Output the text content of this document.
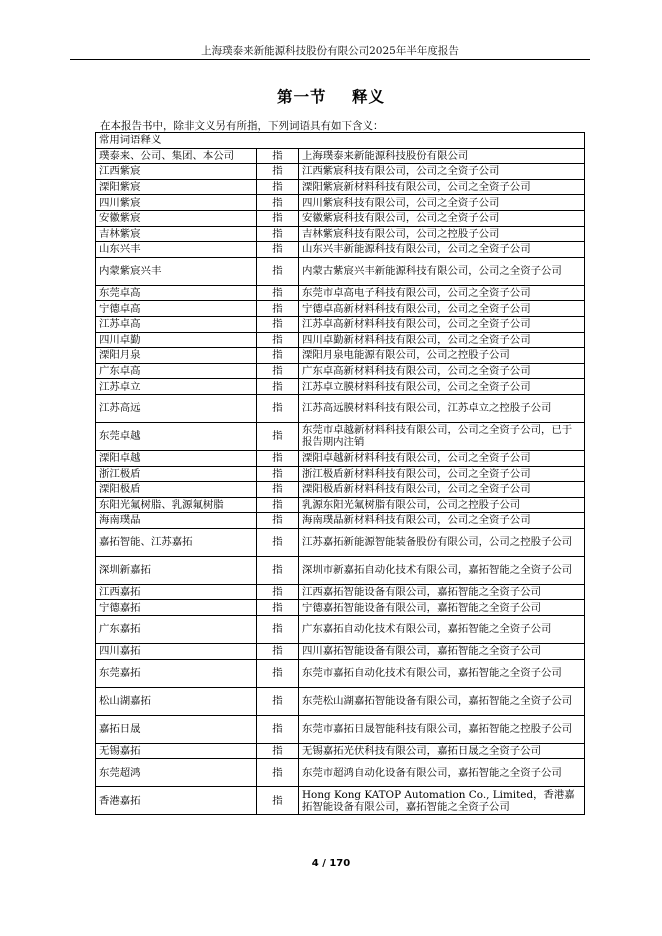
上海璞泰来新能源科技股份有限公司2025年半年度报告
第一节    释义
在本报告书中，除非文义另有所指，下列词语具有如下含义：
常用词语释义		
璞泰来、公司、集团、本公司	指	上海璞泰来新能源科技股份有限公司
江西紫宸	指	江西紫宸科技有限公司，公司之全资子公司
溧阳紫宸	指	溧阳紫宸新材料科技有限公司，公司之全资子公司
四川紫宸	指	四川紫宸科技有限公司，公司之全资子公司
安徽紫宸	指	安徽紫宸科技有限公司，公司之全资子公司
吉林紫宸	指	吉林紫宸科技有限公司，公司之控股子公司
山东兴丰	指	山东兴丰新能源科技有限公司，公司之全资子公司
内蒙紫宸兴丰	指	内蒙古紫宸兴丰新能源科技有限公司，公司之全资子公司
东莞卓高	指	东莞市卓高电子科技有限公司，公司之全资子公司
宁德卓高	指	宁德卓高新材料科技有限公司，公司之全资子公司
江苏卓高	指	江苏卓高新材料科技有限公司，公司之全资子公司
四川卓勤	指	四川卓勤新材料科技有限公司，公司之全资子公司
溧阳月泉	指	溧阳月泉电能源有限公司，公司之控股子公司
广东卓高	指	广东卓高新材料科技有限公司，公司之全资子公司
江苏卓立	指	江苏卓立膜材料科技有限公司，公司之全资子公司
江苏高远	指	江苏高远膜材料科技有限公司，江苏卓立之控股子公司
东莞卓越	指	东莞市卓越新材料科技有限公司，公司之全资子公司，已于报告期内注销
溧阳卓越	指	溧阳卓越新材料科技有限公司，公司之全资子公司
浙江极盾	指	浙江极盾新材料科技有限公司，公司之全资子公司
溧阳极盾	指	溧阳极盾新材料科技有限公司，公司之全资子公司
东阳光氟树脂、乳源氟树脂	指	乳源东阳光氟树脂有限公司，公司之控股子公司
海南璞晶	指	海南璞晶新材料科技有限公司，公司之全资子公司
嘉拓智能、江苏嘉拓	指	江苏嘉拓新能源智能装备股份有限公司，公司之控股子公司
深圳新嘉拓	指	深圳市新嘉拓自动化技术有限公司，嘉拓智能之全资子公司
江西嘉拓	指	江西嘉拓智能设备有限公司，嘉拓智能之全资子公司
宁德嘉拓	指	宁德嘉拓智能设备有限公司，嘉拓智能之全资子公司
广东嘉拓	指	广东嘉拓自动化技术有限公司，嘉拓智能之全资子公司
四川嘉拓	指	四川嘉拓智能设备有限公司，嘉拓智能之全资子公司
东莞嘉拓	指	东莞市嘉拓自动化技术有限公司，嘉拓智能之全资子公司
松山湖嘉拓	指	东莞松山湖嘉拓智能设备有限公司，嘉拓智能之全资子公司
嘉拓日晟	指	东莞市嘉拓日晟智能科技有限公司，嘉拓智能之控股子公司
无锡嘉拓	指	无锡嘉拓光伏科技有限公司，嘉拓日晟之全资子公司
东莞超鸿	指	东莞市超鸿自动化设备有限公司，嘉拓智能之全资子公司
香港嘉拓	指	Hong Kong KATOP Automation Co., Limited，香港嘉拓智能设备有限公司，嘉拓智能之全资子公司
4 / 170
